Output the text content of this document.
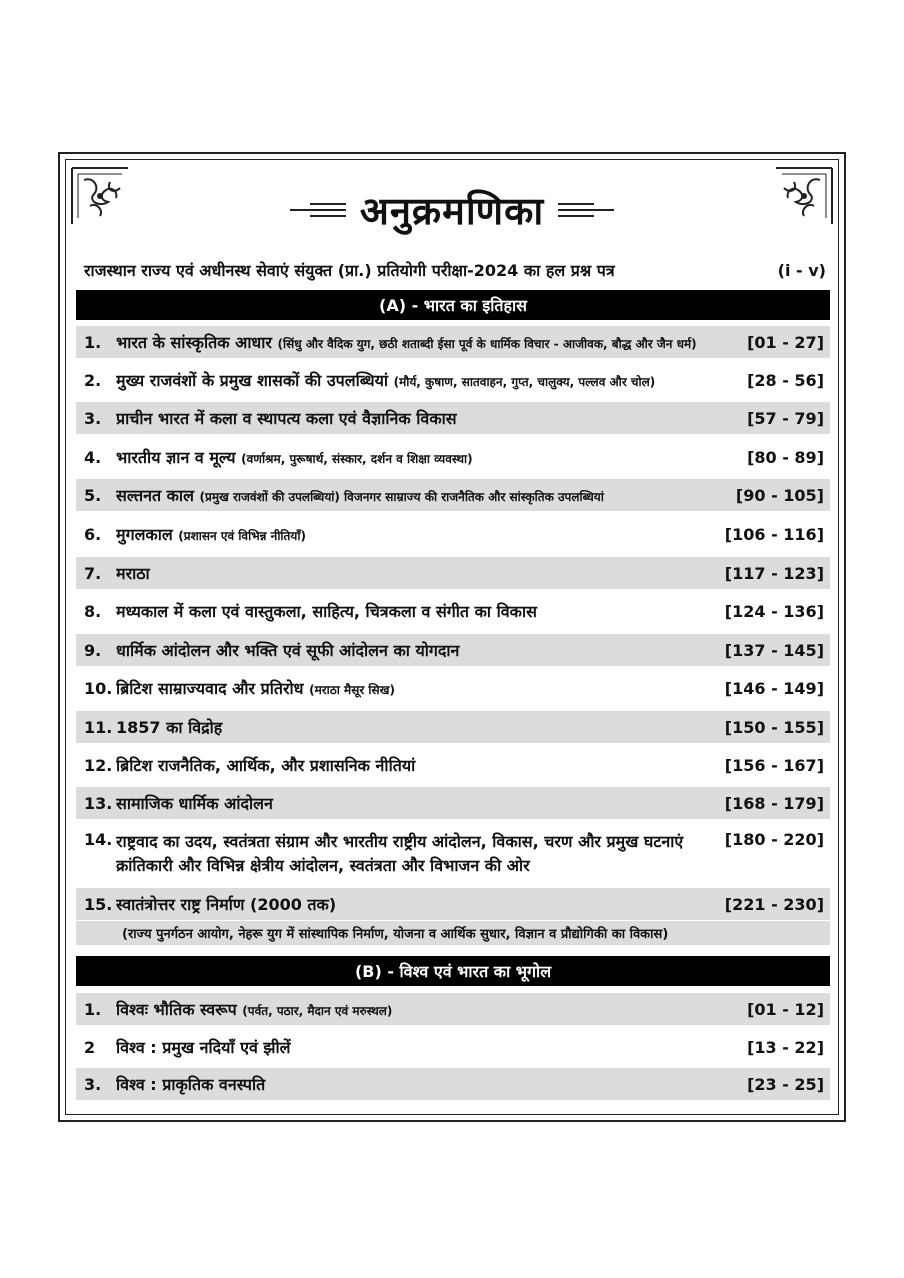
अनुक्रमणिका
राजस्थान राज्य एवं अधीनस्थ सेवाएं संयुक्त (प्रा.) प्रतियोगी परीक्षा-2024 का हल प्रश्न पत्र	(i - v)
(A) - भारत का इतिहास
1. भारत के सांस्कृतिक आधार (सिंधु और वैदिक युग, छठी शताब्दी ईसा पूर्व के धार्मिक विचार - आजीवक, बौद्ध और जैन धर्म)	[01 - 27]
2. मुख्य राजवंशों के प्रमुख शासकों की उपलब्धियां (मौर्य, कुषाण, सातवाहन, गुप्त, चालुक्य, पल्लव और चोल)	[28 - 56]
3. प्राचीन भारत में कला व स्थापत्य कला एवं वैज्ञानिक विकास	[57 - 79]
4. भारतीय ज्ञान व मूल्य (वर्णाश्रम, पुरूषार्थ, संस्कार, दर्शन व शिक्षा व्यवस्था)	[80 - 89]
5. सल्तनत काल (प्रमुख राजवंशों की उपलब्धियां) विजनगर साम्राज्य की राजनैतिक और सांस्कृतिक उपलब्धियां	[90 - 105]
6. मुगलकाल (प्रशासन एवं विभिन्न नीतियाँ)	[106 - 116]
7. मराठा	[117 - 123]
8. मध्यकाल में कला एवं वास्तुकला, साहित्य, चित्रकला व संगीत का विकास	[124 - 136]
9. धार्मिक आंदोलन और भक्ति एवं सूफी आंदोलन का योगदान	[137 - 145]
10. ब्रिटिश साम्राज्यवाद और प्रतिरोध (मराठा मैसूर सिख)	[146 - 149]
11. 1857 का विद्रोह	[150 - 155]
12. ब्रिटिश राजनैतिक, आर्थिक, और प्रशासनिक नीतियां	[156 - 167]
13. सामाजिक धार्मिक आंदोलन	[168 - 179]
14. राष्ट्रवाद का उदय, स्वतंत्रता संग्राम और भारतीय राष्ट्रीय आंदोलन, विकास, चरण और प्रमुख घटनाएं क्रांतिकारी और विभिन्न क्षेत्रीय आंदोलन, स्वतंत्रता और विभाजन की ओर
[180 - 220]
15. स्वातंत्रोत्तर राष्ट्र निर्माण (2000 तक)	[221 - 230]
(राज्य पुनर्गठन आयोग, नेहरू युग में सांस्थापिक निर्माण, योजना व आर्थिक सुधार, विज्ञान व प्रौद्योगिकी का विकास)
(B) - विश्व एवं भारत का भूगोल
1. विश्वः भौतिक स्वरूप (पर्वत, पठार, मैदान एवं मरुस्थल)	[01 - 12]
2	विश्व : प्रमुख नदियाँ एवं झीलें	[13 - 22]
3. विश्व : प्राकृतिक वनस्पति	[23 - 25]
